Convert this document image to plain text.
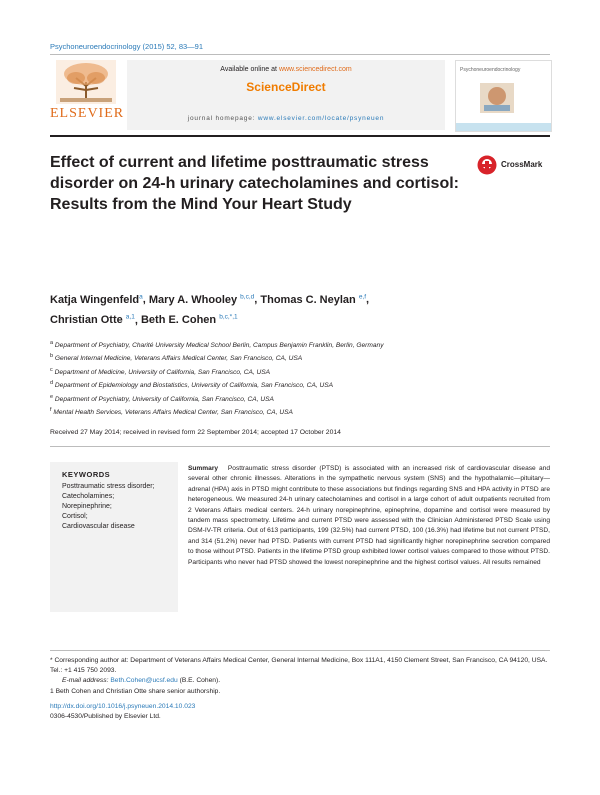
Psychoneuroendocrinology (2015) 52, 83—91
ELSEVIER
Available online at www.sciencedirect.com
ScienceDirect
journal homepage: www.elsevier.com/locate/psyneuen
Psychoneuroendocrinology
Effect of current and lifetime posttraumatic stress disorder on 24-h urinary catecholamines and cortisol: Results from the Mind Your Heart Study
CrossMark
Katja Wingenfeld$^a$, Mary A. Whooley $^{b,c,d}$, Thomas C. Neylan $^{e,f}$,
Christian Otte $^{a,1}$, Beth E. Cohen $^{b,c,*,1}$
$^a$ Department of Psychiatry, Charité University Medical School Berlin, Campus Benjamin Franklin, Berlin, Germany
$^b$ General Internal Medicine, Veterans Affairs Medical Center, San Francisco, CA, USA
$^c$ Department of Medicine, University of California, San Francisco, CA, USA
$^d$ Department of Epidemiology and Biostatistics, University of California, San Francisco, CA, USA
$^e$ Department of Psychiatry, University of California, San Francisco, CA, USA
$^f$ Mental Health Services, Veterans Affairs Medical Center, San Francisco, CA, USA
Received 27 May 2014; received in revised form 22 September 2014; accepted 17 October 2014
KEYWORDS
Posttraumatic stress disorder;
Catecholamines;
Norepinephrine;
Cortisol;
Cardiovascular disease
Summary Posttraumatic stress disorder (PTSD) is associated with an increased risk of cardiovascular disease and several other chronic illnesses. Alterations in the sympathetic nervous system (SNS) and the hypothalamic—pituitary—adrenal (HPA) axis in PTSD might contribute to these associations but findings regarding SNS and HPA activity in PTSD are heterogeneous. We measured 24-h urinary catecholamines and cortisol in a large cohort of adult outpatients recruited from 2 Veterans Affairs medical centers. 24-h urinary norepinephrine, epinephrine, dopamine and cortisol were measured by tandem mass spectrometry. Lifetime and current PTSD were assessed with the Clinician Administered PTSD Scale using DSM-IV-TR criteria. Out of 613 participants, 199 (32.5%) had current PTSD, 100 (16.3%) had lifetime but not current PTSD, and 314 (51.2%) never had PTSD. Patients with current PTSD had significantly higher norepinephrine secretion compared to those without PTSD. Patients in the lifetime PTSD group exhibited lower cortisol values compared to those without PTSD. Participants who never had PTSD showed the lowest norepinephrine and the highest cortisol values. All results remained
* Corresponding author at: Department of Veterans Affairs Medical Center, General Internal Medicine, Box 111A1, 4150 Clement Street, San Francisco, CA 94120, USA. Tel.: +1 415 750 2093.
E-mail address: Beth.Cohen@ucsf.edu (B.E. Cohen).
1 Beth Cohen and Christian Otte share senior authorship.
http://dx.doi.org/10.1016/j.psyneuen.2014.10.023
0306-4530/Published by Elsevier Ltd.
